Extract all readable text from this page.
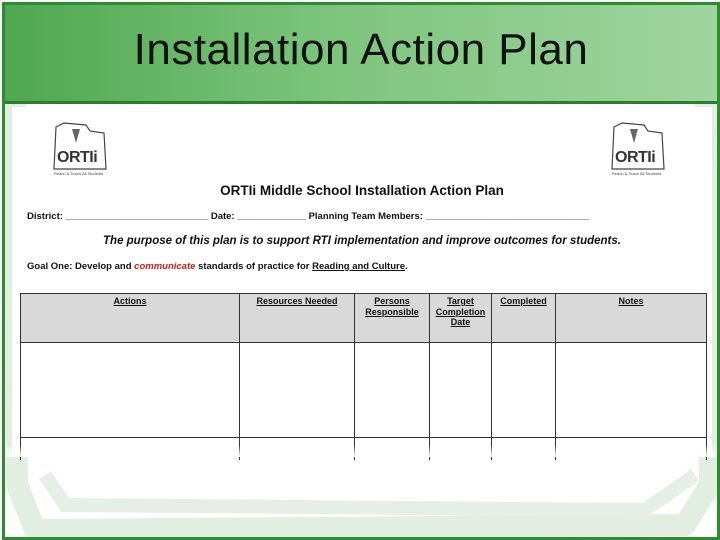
Installation Action Plan
ORTIi
Reach & Teach All Students
ORTIi
Reach & Teach All Students
ORTIi Middle School Installation Action Plan
District: ___________________________ Date: _____________ Planning Team Members: _______________________________
The purpose of this plan is to support RTI implementation and improve outcomes for students.
Goal One: Develop and communicate standards of practice for Reading and Culture.
Actions	Resources Needed	Persons Responsible	Target Completion Date	Completed	Notes
